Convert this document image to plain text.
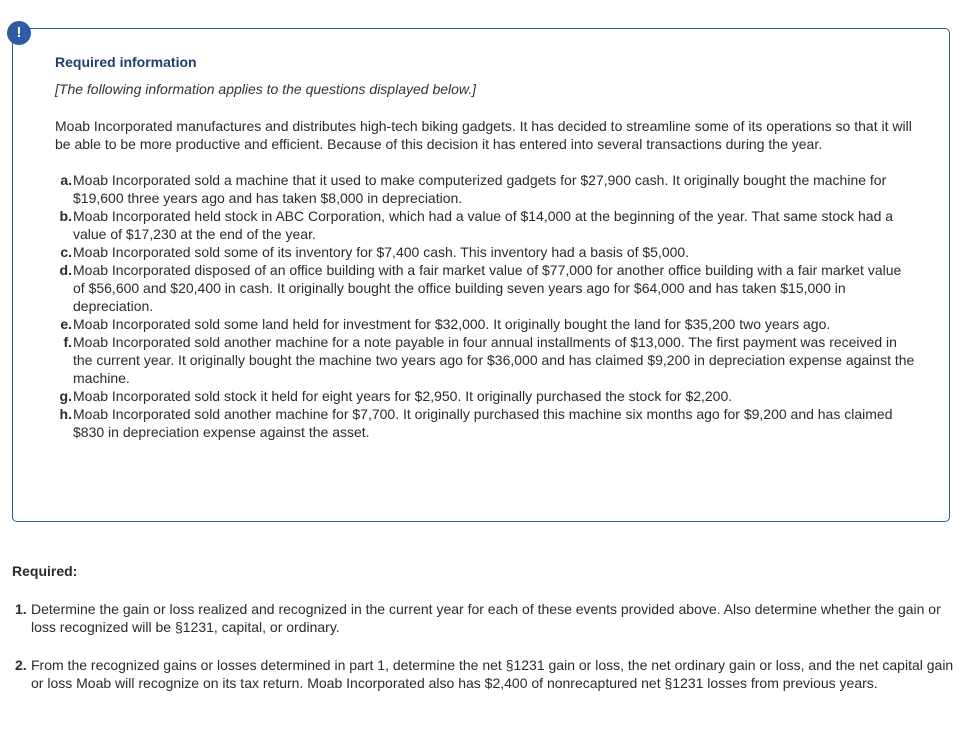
!
Required information
[The following information applies to the questions displayed below.]
Moab Incorporated manufactures and distributes high-tech biking gadgets. It has decided to streamline some of its operations so that it will be able to be more productive and efficient. Because of this decision it has entered into several transactions during the year.
a. Moab Incorporated sold a machine that it used to make computerized gadgets for $27,900 cash. It originally bought the machine for $19,600 three years ago and has taken $8,000 in depreciation.
b. Moab Incorporated held stock in ABC Corporation, which had a value of $14,000 at the beginning of the year. That same stock had a value of $17,230 at the end of the year.
c. Moab Incorporated sold some of its inventory for $7,400 cash. This inventory had a basis of $5,000.
d. Moab Incorporated disposed of an office building with a fair market value of $77,000 for another office building with a fair market value of $56,600 and $20,400 in cash. It originally bought the office building seven years ago for $64,000 and has taken $15,000 in depreciation.
e. Moab Incorporated sold some land held for investment for $32,000. It originally bought the land for $35,200 two years ago.
f. Moab Incorporated sold another machine for a note payable in four annual installments of $13,000. The first payment was received in the current year. It originally bought the machine two years ago for $36,000 and has claimed $9,200 in depreciation expense against the machine.
g. Moab Incorporated sold stock it held for eight years for $2,950. It originally purchased the stock for $2,200.
h. Moab Incorporated sold another machine for $7,700. It originally purchased this machine six months ago for $9,200 and has claimed $830 in depreciation expense against the asset.
Required:
1. Determine the gain or loss realized and recognized in the current year for each of these events provided above. Also determine whether the gain or loss recognized will be §1231, capital, or ordinary.
2. From the recognized gains or losses determined in part 1, determine the net §1231 gain or loss, the net ordinary gain or loss, and the net capital gain or loss Moab will recognize on its tax return. Moab Incorporated also has $2,400 of nonrecaptured net §1231 losses from previous years.
